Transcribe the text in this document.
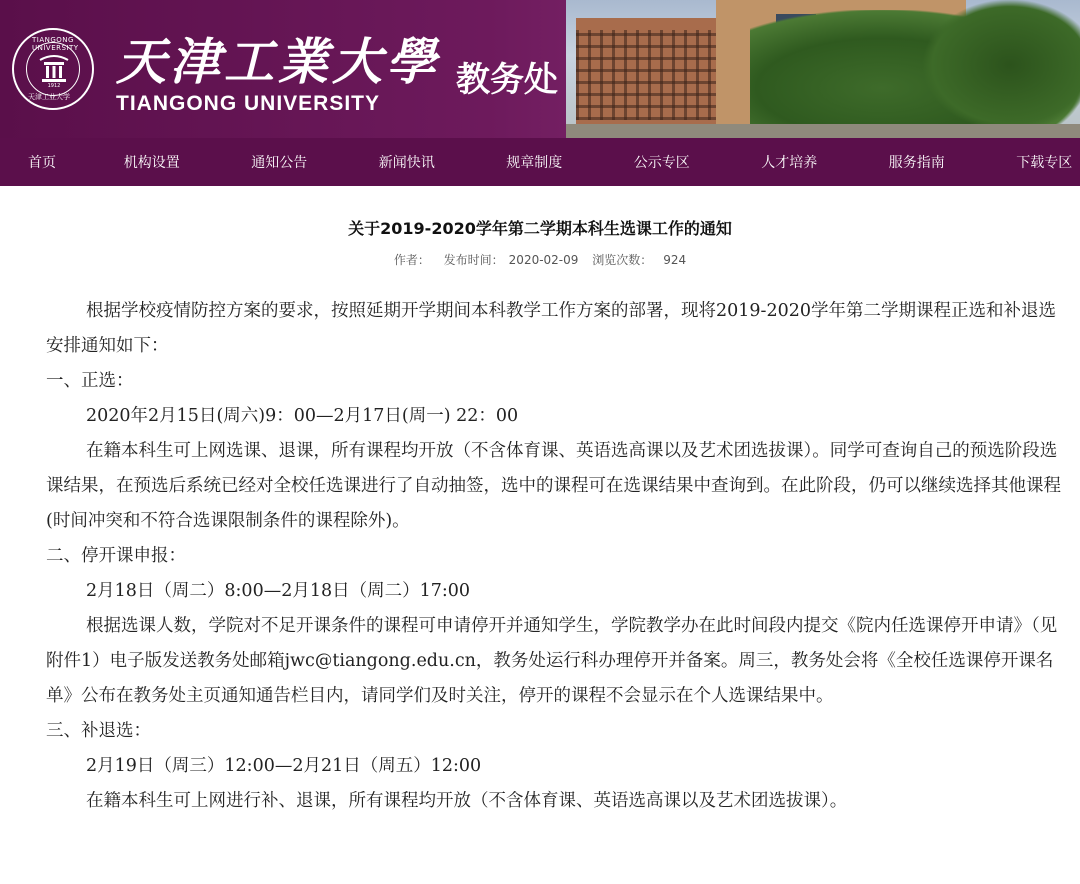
TIANGONG UNIVERSITY
1912
天津工业大学
天津工業大學
TIANGONG UNIVERSITY
教务处
首页	机构设置	通知公告	新闻快讯	规章制度	公示专区	人才培养	服务指南	下载专区
关于2019-2020学年第二学期本科生选课工作的通知
作者： 发布时间： 2020-02-09 浏览次数： 924

根据学校疫情防控方案的要求，按照延期开学期间本科教学工作方案的部署，现将2019-2020学年第二学期课程正选和补退选安排通知如下：

一、正选：

2020年2月15日(周六)9：00—2月17日(周一) 22：00

在籍本科生可上网选课、退课，所有课程均开放（不含体育课、英语选高课以及艺术团选拔课）。同学可查询自己的预选阶段选课结果，在预选后系统已经对全校任选课进行了自动抽签，选中的课程可在选课结果中查询到。在此阶段，仍可以继续选择其他课程(时间冲突和不符合选课限制条件的课程除外)。

二、停开课申报：

2月18日（周二）8:00—2月18日（周二）17:00

根据选课人数，学院对不足开课条件的课程可申请停开并通知学生，学院教学办在此时间段内提交《院内任选课停开申请》（见附件1）电子版发送教务处邮箱jwc@tiangong.edu.cn，教务处运行科办理停开并备案。周三，教务处会将《全校任选课停开课名单》公布在教务处主页通知通告栏目内，请同学们及时关注，停开的课程不会显示在个人选课结果中。

三、补退选：

2月19日（周三）12:00—2月21日（周五）12:00

在籍本科生可上网进行补、退课，所有课程均开放（不含体育课、英语选高课以及艺术团选拔课）。
